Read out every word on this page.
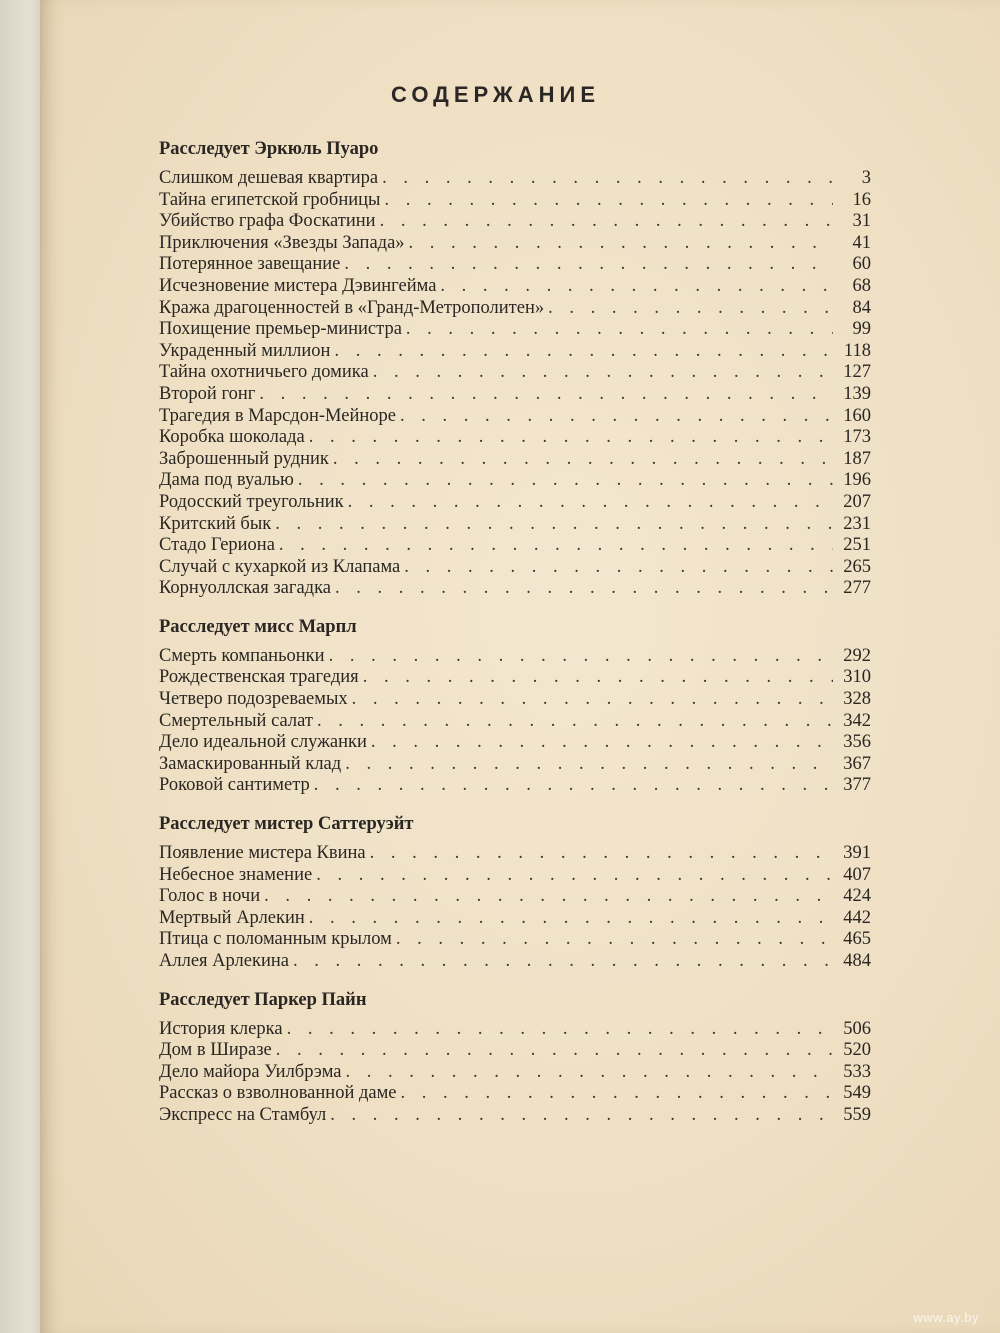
СОДЕРЖАНИЕ
Расследует Эркюль Пуаро
Слишком дешевая квартира . . .	3
Тайна египетской гробницы . . .	16
Убийство графа Фоскатини . . .	31
Приключения «Звезды Запада» . . .	41
Потерянное завещание . . .	60
Исчезновение мистера Дэвингейма . . .	68
Кража драгоценностей в «Гранд-Метрополитен» . . .	84
Похищение премьер-министра . . .	99
Украденный миллион . . .	118
Тайна охотничьего домика . . .	127
Второй гонг . . .	139
Трагедия в Марсдон-Мейноре . . .	160
Коробка шоколада . . .	173
Заброшенный рудник . . .	187
Дама под вуалью . . .	196
Родосский треугольник . . .	207
Критский бык . . .	231
Стадо Гериона . . .	251
Случай с кухаркой из Клапама . . .	265
Корнуоллская загадка . . .	277
Расследует мисс Марпл
Смерть компаньонки . . .	292
Рождественская трагедия . . .	310
Четверо подозреваемых . . .	328
Смертельный салат . . .	342
Дело идеальной служанки . . .	356
Замаскированный клад . . .	367
Роковой сантиметр . . .	377
Расследует мистер Саттеруэйт
Появление мистера Квина . . .	391
Небесное знамение . . .	407
Голос в ночи . . .	424
Мертвый Арлекин . . .	442
Птица с поломанным крылом . . .	465
Аллея Арлекина . . .	484
Расследует Паркер Пайн
История клерка . . .	506
Дом в Ширазе . . .	520
Дело майора Уилбрэма . . .	533
Рассказ о взволнованной даме . . .	549
Экспресс на Стамбул . . .	559
www.ay.by
